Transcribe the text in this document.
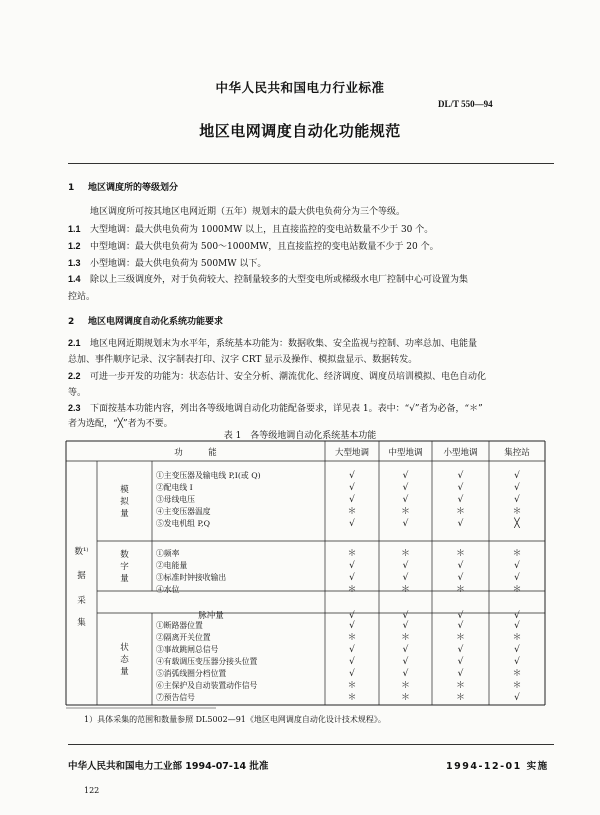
中华人民共和国电力行业标准
DL/T 550—94
地区电网调度自动化功能规范
1 地区调度所的等级划分
地区调度所可按其地区电网近期（五年）规划末的最大供电负荷分为三个等级。
1.1 大型地调：最大供电负荷为 1000MW 以上，且直接监控的变电站数量不少于 30 个。
1.2 中型地调：最大供电负荷为 500～1000MW，且直接监控的变电站数量不少于 20 个。
1.3 小型地调：最大供电负荷为 500MW 以下。
1.4 除以上三级调度外，对于负荷较大、控制量较多的大型变电所或梯级水电厂控制中心可设置为集
控站。
2 地区电网调度自动化系统功能要求
2.1 地区电网近期规划末为水平年，系统基本功能为：数据收集、安全监视与控制、功率总加、电能量
总加、事件顺序记录、汉字制表打印、汉字 CRT 显示及操作、模拟盘显示、数据转发。
2.2 可进一步开发的功能为：状态估计、安全分析、潮流优化、经济调度、调度员培训模拟、电色自动化
等。
2.3 下面按基本功能内容，列出各等级地调自动化功能配备要求，详见表 1。表中：“√”者为必备，“＊”
者为选配，“╳”者为不要。
表 1　各等级地调自动化系统基本功能
功　　　能	大型地调 中型地调 小型地调	集控站
数¹⁾
据
采
集
模
拟
量
①主变压器及输电线 P,I(或 Q)	√	√	√	√
②配电线 I	√	√	√	√
③母线电压	√	√	√	√
④主变压器温度	＊	＊	＊	＊
⑤发电机组 P,Q	√	√	√	╳
数
字
量
①频率	＊	＊	＊	＊
②电能量	√	√	√	√
③标准时钟接收输出	√	√	√	√
④水位	＊	＊	＊	＊
脉冲量	√	√	√	√
状
态
量
①断路器位置	√	√	√	√
②隔离开关位置	＊	＊	＊	＊
③事故跳闸总信号	√	√	√	√
④有载调压变压器分接头位置	√	√	√	√
⑤消弧线圈分档位置	√	√	√	＊
⑥主保护及自动装置动作信号	＊	＊	＊	＊
⑦预告信号	＊	＊	＊	√
1）具体采集的范围和数量参照 DL5002—91《地区电网调度自动化设计技术规程》。
中华人民共和国电力工业部 1994-07-14 批准	1994-12-01 实施
122
